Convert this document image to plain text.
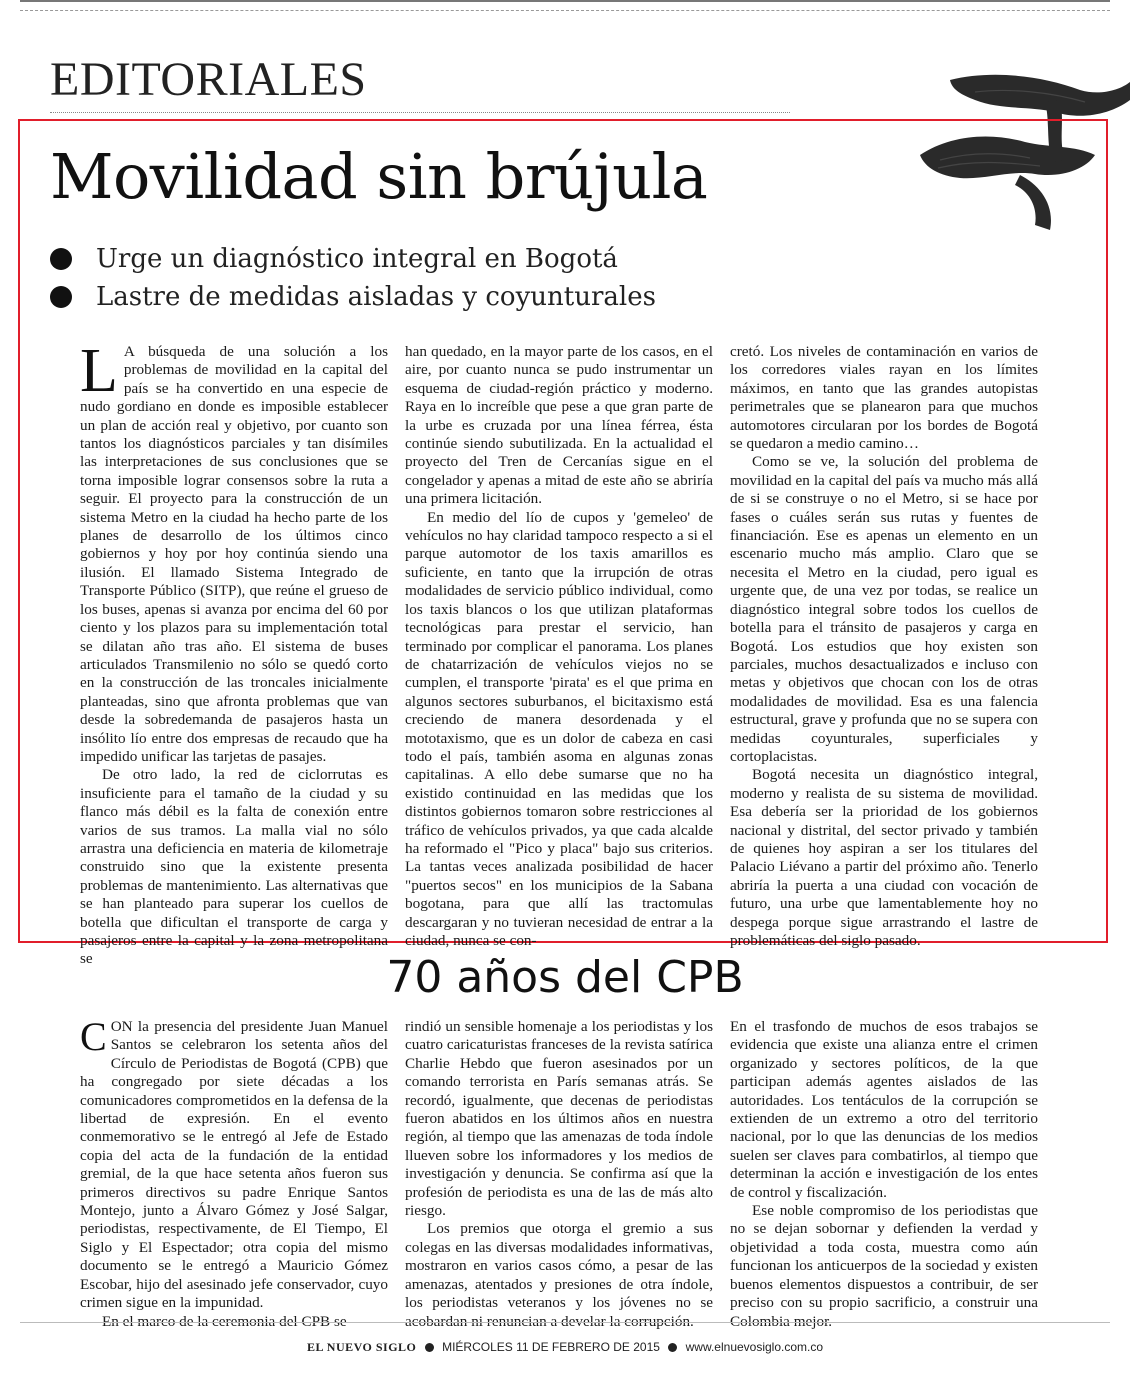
EDITORIALES
Movilidad sin brújula
Urge un diagnóstico integral en Bogotá
Lastre de medidas aisladas y coyunturales

L A búsqueda de una solución a los problemas de movilidad en la capital del país se ha convertido en una especie de nudo gordiano en donde es imposible establecer un plan de acción real y objetivo, por cuanto son tantos los diagnósticos parciales y tan disímiles las interpretaciones de sus conclusiones que se torna imposible lograr consensos sobre la ruta a seguir. El proyecto para la construcción de un sistema Metro en la ciudad ha hecho parte de los planes de desarrollo de los últimos cinco gobiernos y hoy por hoy continúa siendo una ilusión. El llamado Sistema Integrado de Transporte Público (SITP), que reúne el grueso de los buses, apenas si avanza por encima del 60 por ciento y los plazos para su implementación total se dilatan año tras año. El sistema de buses articulados Transmilenio no sólo se quedó corto en la construcción de las troncales inicialmente planteadas, sino que afronta problemas que van desde la sobredemanda de pasajeros hasta un insólito lío entre dos empresas de recaudo que ha impedido unificar las tarjetas de pasajes.

De otro lado, la red de ciclorrutas es insuficiente para el tamaño de la ciudad y su flanco más débil es la falta de conexión entre varios de sus tramos. La malla vial no sólo arrastra una deficiencia en materia de kilometraje construido sino que la existente presenta problemas de mantenimiento. Las alternativas que se han planteado para superar los cuellos de botella que dificultan el transporte de carga y pasajeros entre la capital y la zona metropolitana se

han quedado, en la mayor parte de los casos, en el aire, por cuanto nunca se pudo instrumentar un esquema de ciudad-región práctico y moderno. Raya en lo increíble que pese a que gran parte de la urbe es cruzada por una línea férrea, ésta continúe siendo subutilizada. En la actualidad el proyecto del Tren de Cercanías sigue en el congelador y apenas a mitad de este año se abriría una primera licitación.

En medio del lío de cupos y 'gemeleo' de vehículos no hay claridad tampoco respecto a si el parque automotor de los taxis amarillos es suficiente, en tanto que la irrupción de otras modalidades de servicio público individual, como los taxis blancos o los que utilizan plataformas tecnológicas para prestar el servicio, han terminado por complicar el panorama. Los planes de chatarrización de vehículos viejos no se cumplen, el transporte 'pirata' es el que prima en algunos sectores suburbanos, el bicitaxismo está creciendo de manera desordenada y el mototaxismo, que es un dolor de cabeza en casi todo el país, también asoma en algunas zonas capitalinas. A ello debe sumarse que no ha existido continuidad en las medidas que los distintos gobiernos tomaron sobre restricciones al tráfico de vehículos privados, ya que cada alcalde ha reformado el "Pico y placa" bajo sus criterios. La tantas veces analizada posibilidad de hacer "puertos secos" en los municipios de la Sabana bogotana, para que allí las tractomulas descargaran y no tuvieran necesidad de entrar a la ciudad, nunca se con-

cretó. Los niveles de contaminación en varios de los corredores viales rayan en los límites máximos, en tanto que las grandes autopistas perimetrales que se planearon para que muchos automotores circularan por los bordes de Bogotá se quedaron a medio camino…

Como se ve, la solución del problema de movilidad en la capital del país va mucho más allá de si se construye o no el Metro, si se hace por fases o cuáles serán sus rutas y fuentes de financiación. Ese es apenas un elemento en un escenario mucho más amplio. Claro que se necesita el Metro en la ciudad, pero igual es urgente que, de una vez por todas, se realice un diagnóstico integral sobre todos los cuellos de botella para el tránsito de pasajeros y carga en Bogotá. Los estudios que hoy existen son parciales, muchos desactualizados e incluso con metas y objetivos que chocan con los de otras modalidades de movilidad. Esa es una falencia estructural, grave y profunda que no se supera con medidas coyunturales, superficiales y cortoplacistas.

Bogotá necesita un diagnóstico integral, moderno y realista de su sistema de movilidad. Esa debería ser la prioridad de los gobiernos nacional y distrital, del sector privado y también de quienes hoy aspiran a ser los titulares del Palacio Liévano a partir del próximo año. Tenerlo abriría la puerta a una ciudad con vocación de futuro, una urbe que lamentablemente hoy no despega porque sigue arrastrando el lastre de problemáticas del siglo pasado.

70 años del CPB

CON la presencia del presidente Juan Manuel Santos se celebraron los setenta años del Círculo de Periodistas de Bogotá (CPB) que ha congregado por siete décadas a los comunicadores comprometidos en la defensa de la libertad de expresión. En el evento conmemorativo se le entregó al Jefe de Estado copia del acta de la fundación de la entidad gremial, de la que hace setenta años fueron sus primeros directivos su padre Enrique Santos Montejo, junto a Álvaro Gómez y José Salgar, periodistas, respectivamente, de El Tiempo, El Siglo y El Espectador; otra copia del mismo documento se le entregó a Mauricio Gómez Escobar, hijo del asesinado jefe conservador, cuyo crimen sigue en la impunidad.

En el marco de la ceremonia del CPB se

rindió un sensible homenaje a los periodistas y los cuatro caricaturistas franceses de la revista satírica Charlie Hebdo que fueron asesinados por un comando terrorista en París semanas atrás. Se recordó, igualmente, que decenas de periodistas fueron abatidos en los últimos años en nuestra región, al tiempo que las amenazas de toda índole llueven sobre los informadores y los medios de investigación y denuncia. Se confirma así que la profesión de periodista es una de las de más alto riesgo.

Los premios que otorga el gremio a sus colegas en las diversas modalidades informativas, mostraron en varios casos cómo, a pesar de las amenazas, atentados y presiones de otra índole, los periodistas veteranos y los jóvenes no se acobardan ni renuncian a develar la corrupción.

En el trasfondo de muchos de esos trabajos se evidencia que existe una alianza entre el crimen organizado y sectores políticos, de la que participan además agentes aislados de las autoridades. Los tentáculos de la corrupción se extienden de un extremo a otro del territorio nacional, por lo que las denuncias de los medios suelen ser claves para combatirlos, al tiempo que determinan la acción e investigación de los entes de control y fiscalización.

Ese noble compromiso de los periodistas que no se dejan sobornar y defienden la verdad y objetividad a toda costa, muestra como aún funcionan los anticuerpos de la sociedad y existen buenos elementos dispuestos a contribuir, de ser preciso con su propio sacrificio, a construir una Colombia mejor.

EL NUEVO SIGLO MIÉRCOLES 11 DE FEBRERO DE 2015 www.elnuevosiglo.com.co
